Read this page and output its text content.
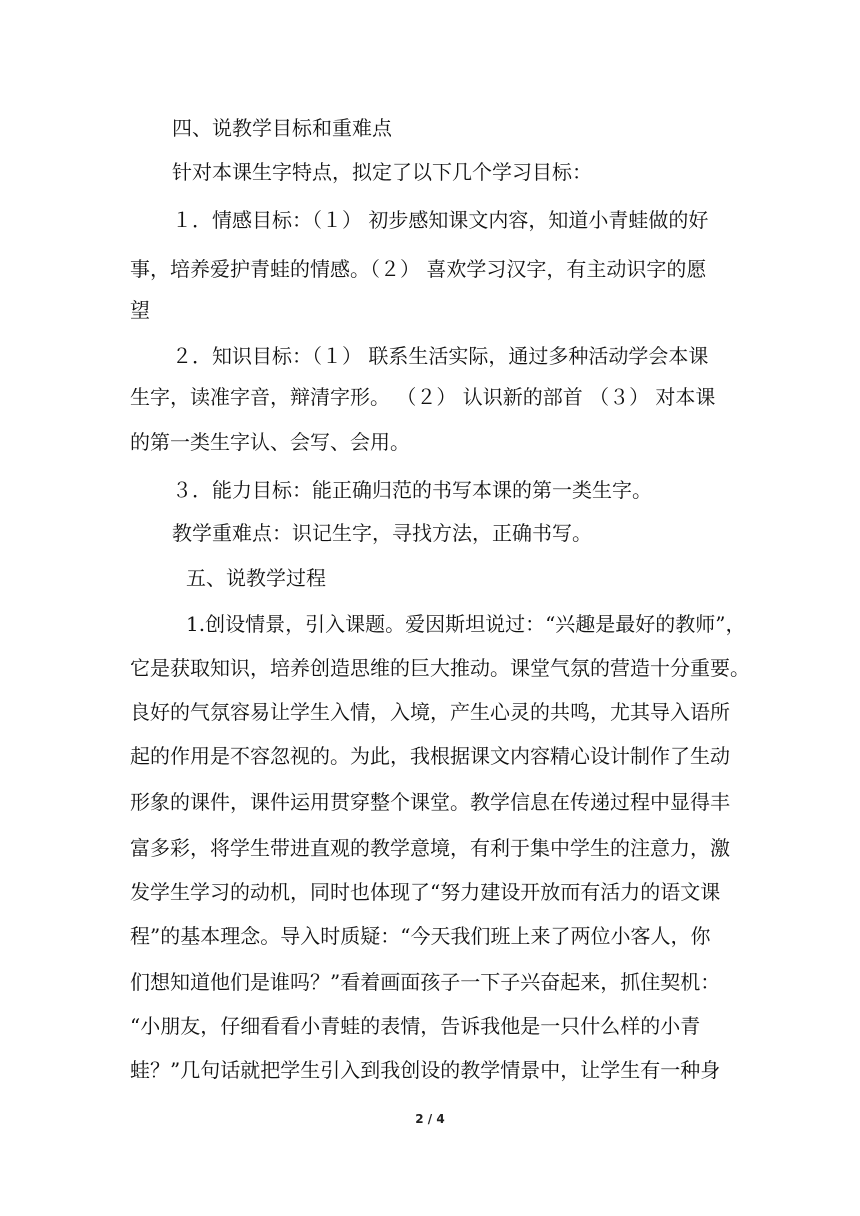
四、说教学目标和重难点
针对本课生字特点，拟定了以下几个学习目标：
１．情感目标：（１） 初步感知课文内容，知道小青蛙做的好
事，培养爱护青蛙的情感。（２） 喜欢学习汉字，有主动识字的愿
望
２．知识目标：（１） 联系生活实际，通过多种活动学会本课
生字，读准字音，辩清字形。 （２） 认识新的部首 （３） 对本课
的第一类生字认、会写、会用。
３．能力目标：能正确归范的书写本课的第一类生字。
教学重难点：识记生字，寻找方法，正确书写。
五、说教学过程
1.创设情景，引入课题。爱因斯坦说过：“兴趣是最好的教师”，
它是获取知识，培养创造思维的巨大推动。课堂气氛的营造十分重要。
良好的气氛容易让学生入情，入境，产生心灵的共鸣，尤其导入语所
起的作用是不容忽视的。为此，我根据课文内容精心设计制作了生动
形象的课件，课件运用贯穿整个课堂。教学信息在传递过程中显得丰
富多彩，将学生带进直观的教学意境，有利于集中学生的注意力，激
发学生学习的动机，同时也体现了“努力建设开放而有活力的语文课
程”的基本理念。导入时质疑：“今天我们班上来了两位小客人，你
们想知道他们是谁吗？”看着画面孩子一下子兴奋起来，抓住契机：
“小朋友，仔细看看小青蛙的表情，告诉我他是一只什么样的小青
蛙？”几句话就把学生引入到我创设的教学情景中，让学生有一种身
2 / 4
